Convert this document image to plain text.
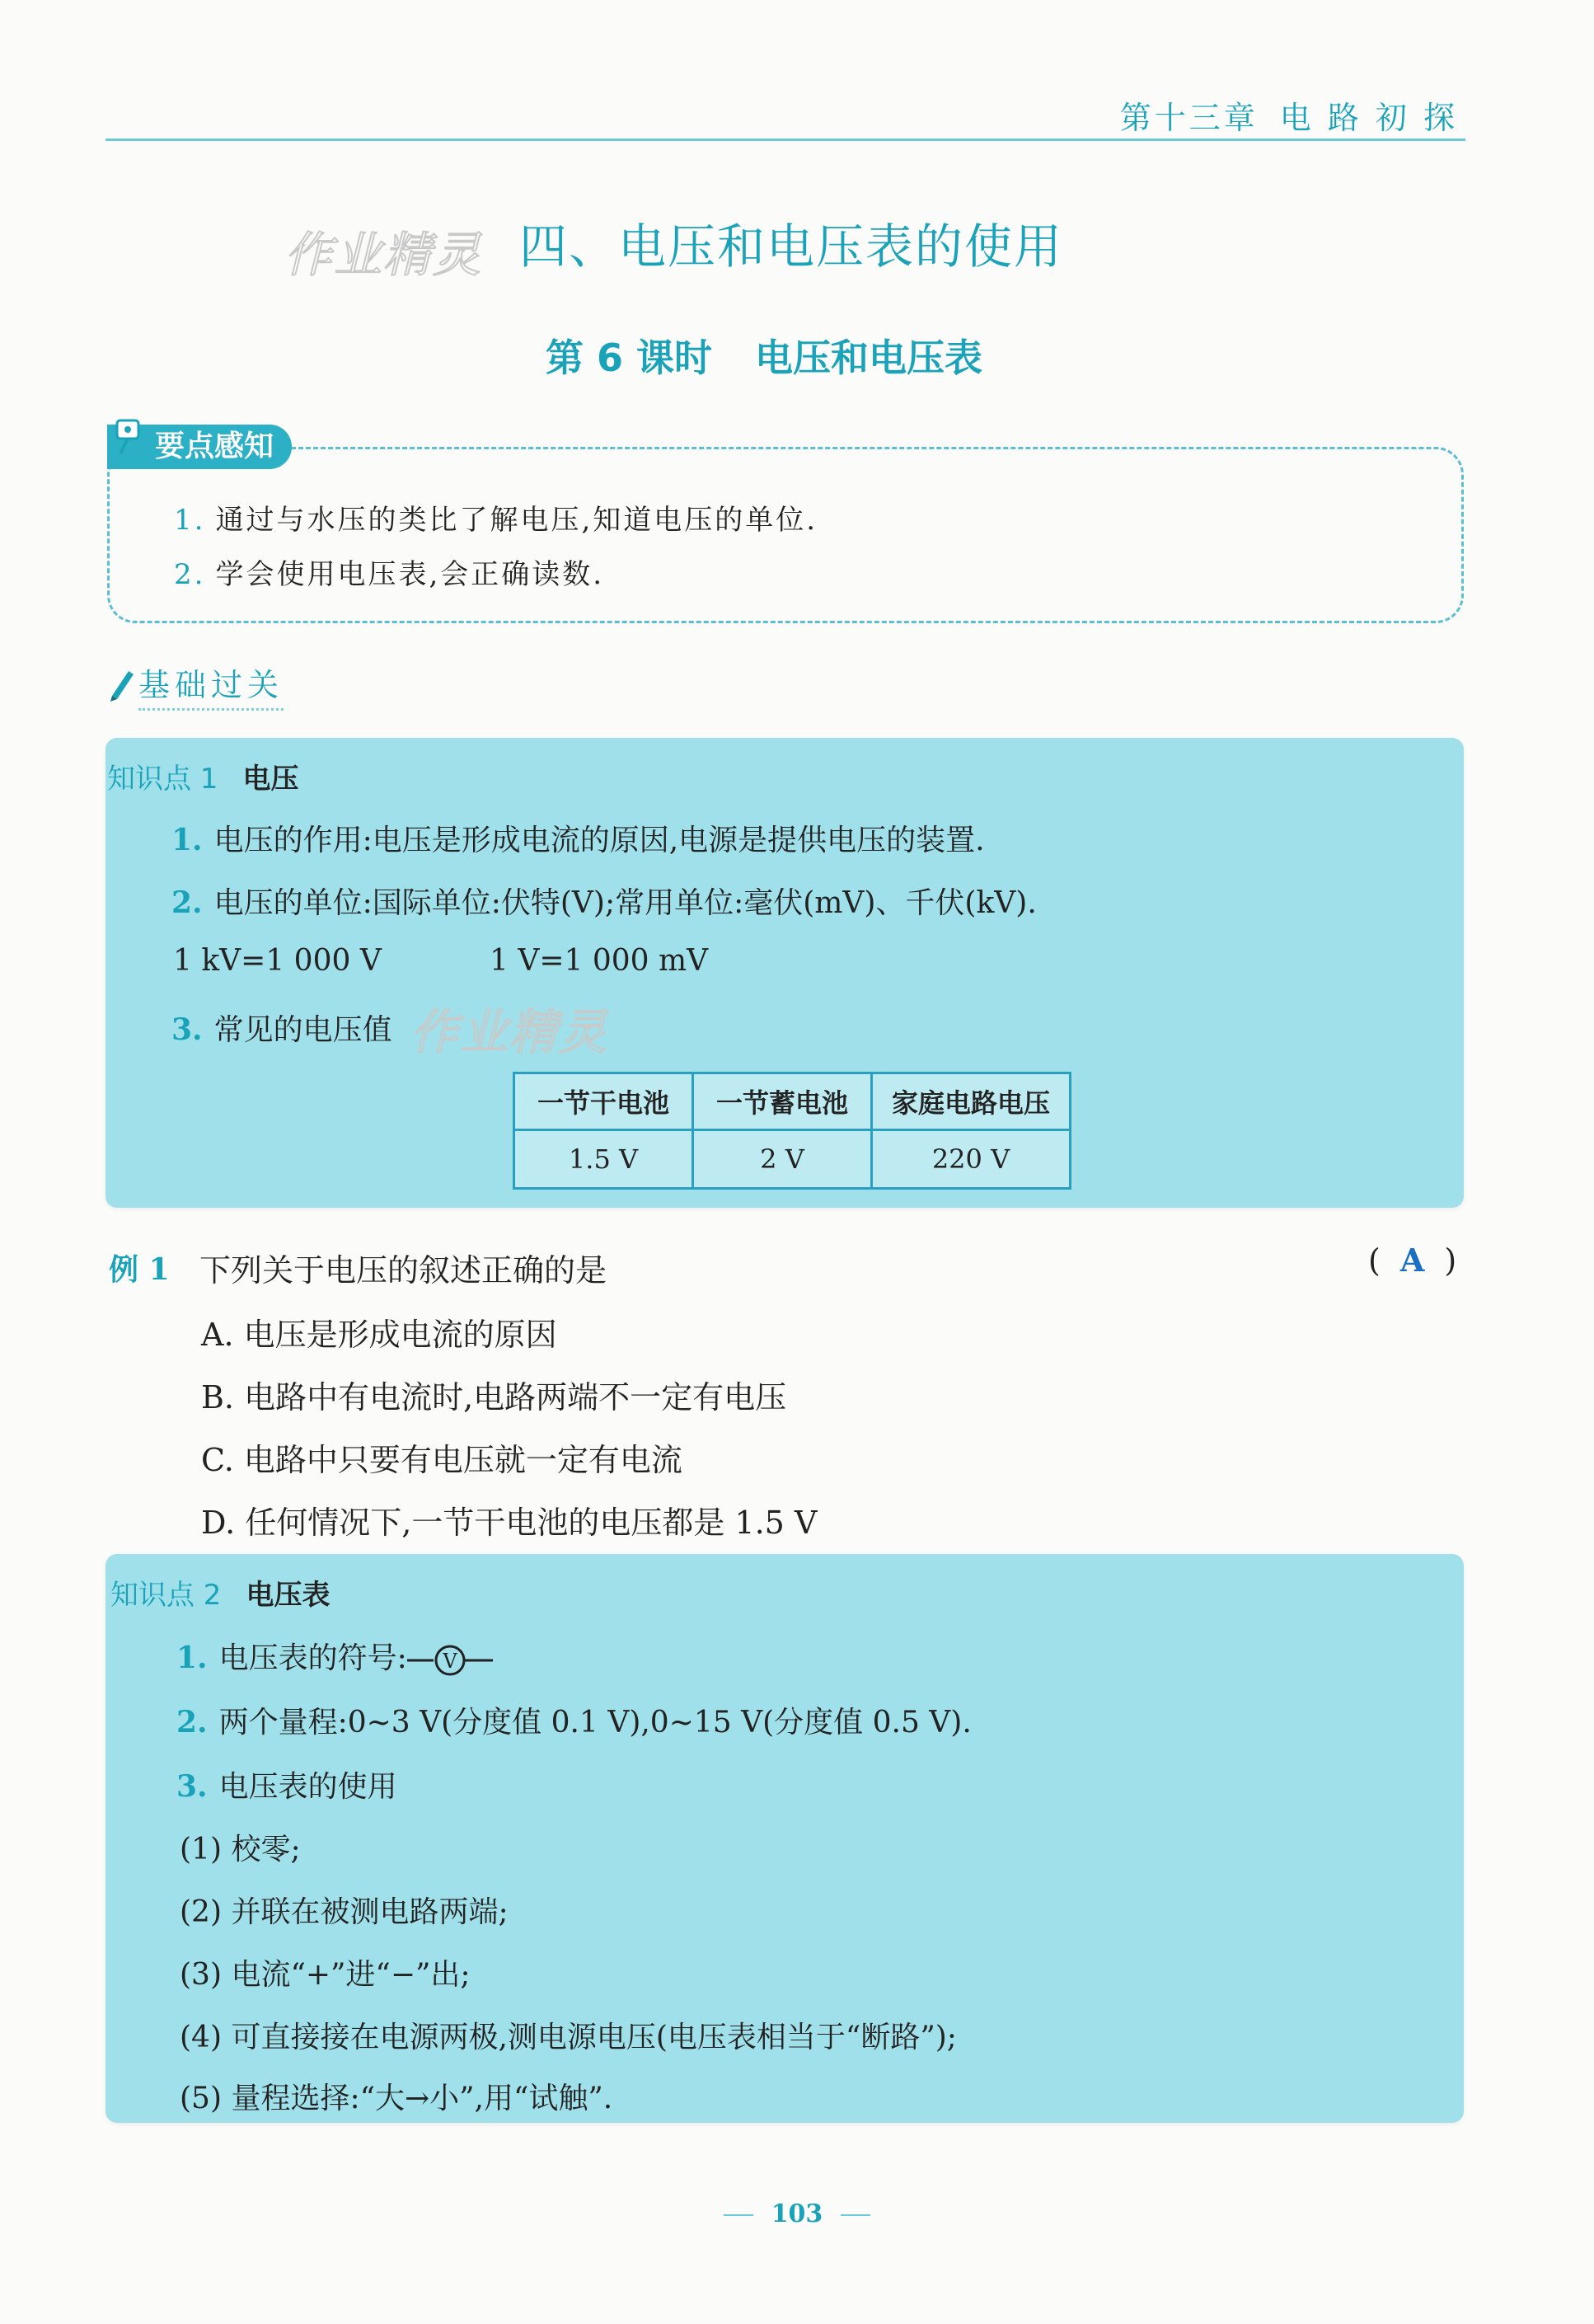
第十三章 电 路 初 探
作业精灵 四、电压和电压表的使用
第 6 课时 电压和电压表
1. 通过与水压的类比了解电压,知道电压的单位.
2. 学会使用电压表,会正确读数.
要点感知
基础过关
知识点 1 电压
1. 电压的作用:电压是形成电流的原因,电源是提供电压的装置.
2. 电压的单位:国际单位:伏特(V);常用单位:毫伏(mV)、千伏(kV).
1 kV=1 000 V	1 V=1 000 mV
3. 常见的电压值 作业精灵
一节干电池	一节蓄电池	家庭电路电压
1.5 V	2 V	220 V
例 1 下列关于电压的叙述正确的是	( A )
A. 电压是形成电流的原因
B. 电路中有电流时,电路两端不一定有电压
C. 电路中只要有电压就一定有电流
D. 任何情况下,一节干电池的电压都是 1.5 V
知识点 2 电压表
1. 电压表的符号: V
2. 两个量程:0~3 V(分度值 0.1 V),0~15 V(分度值 0.5 V).
3. 电压表的使用
(1) 校零;
(2) 并联在被测电路两端;
(3) 电流“+”进“−”出;
(4) 可直接接在电源两极,测电源电压(电压表相当于“断路”);
(5) 量程选择:“大→小”,用“试触”.
103
